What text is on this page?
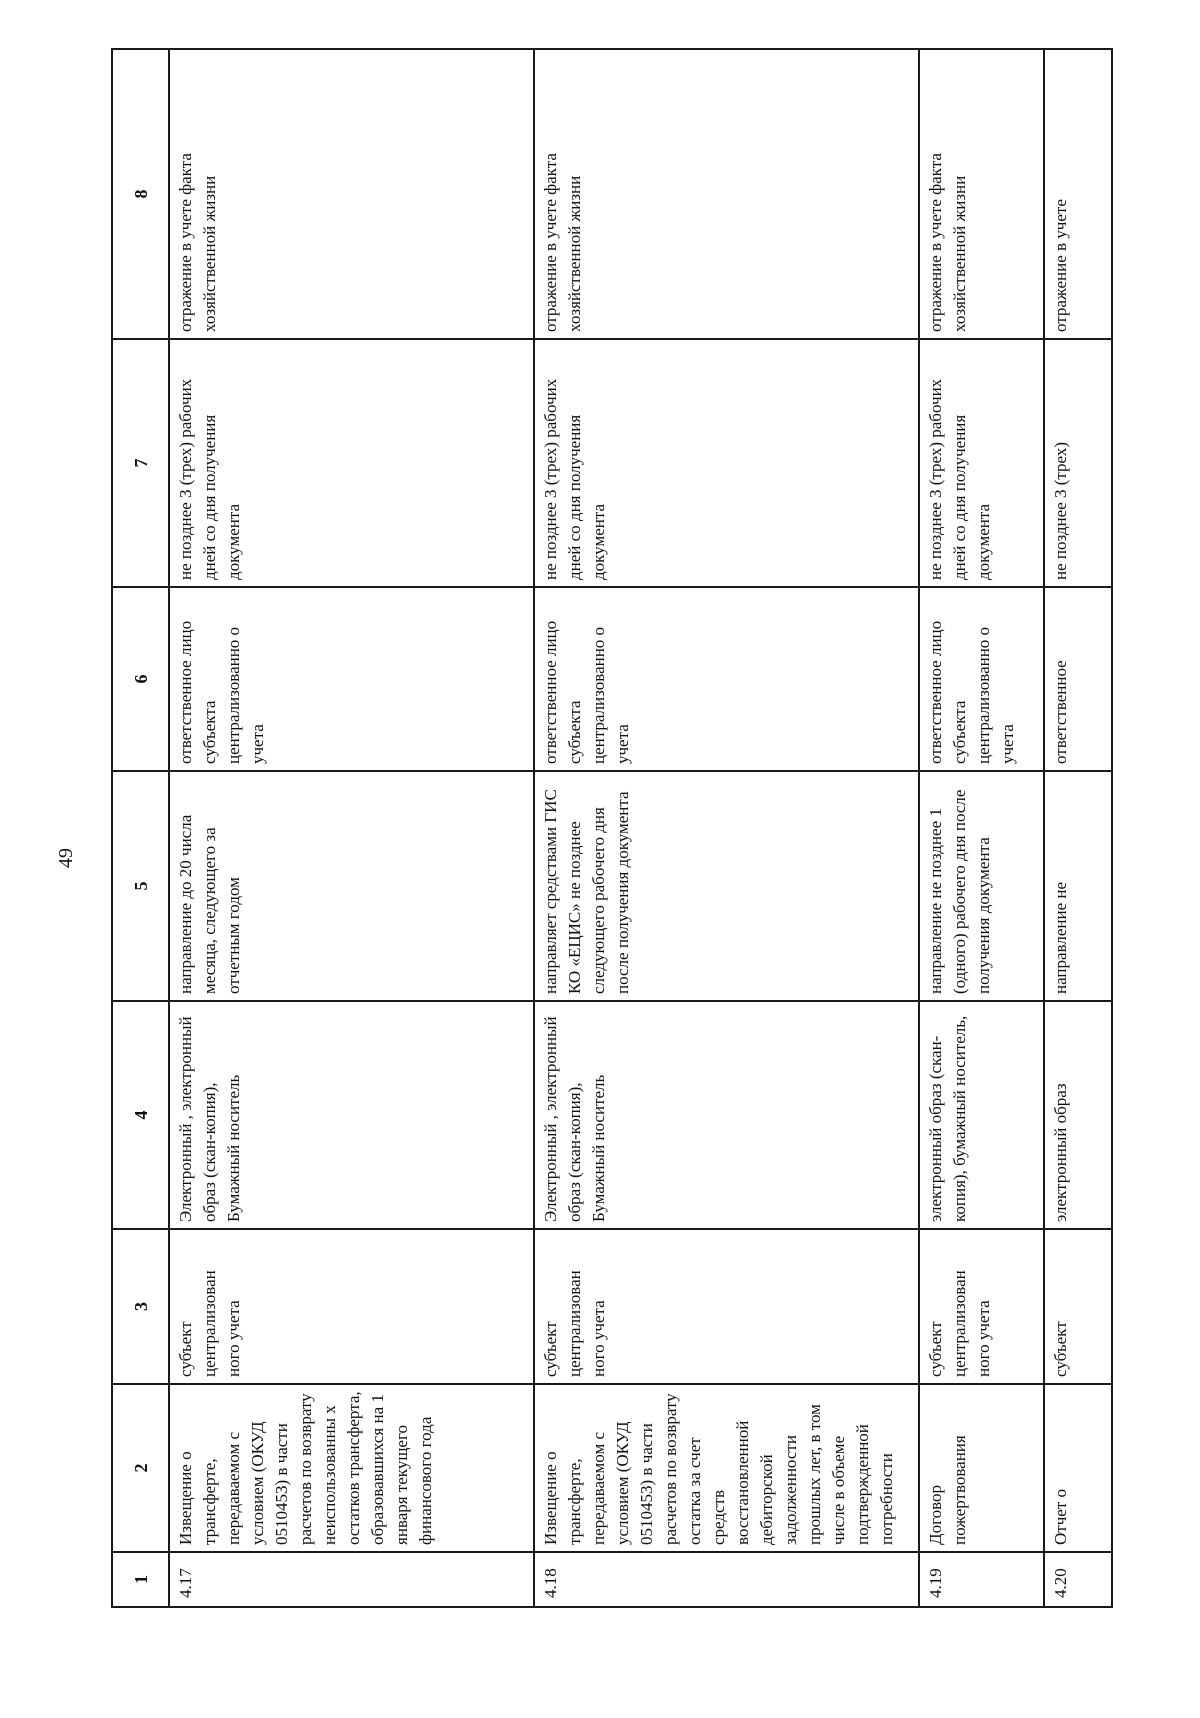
49
1	2	3	4	5	6	7	8
4.17	Извещение о трансферте, передаваемом с условием (ОКУД 0510453) в части расчетов по возврату неиспользованны х остатков трансферта, образовавшихся на 1 января текущего финансового года	субъект централизован ного учета	Электронный , электронный образ (скан-копия), Бумажный носитель	направление до 20 числа месяца, следующего за отчетным годом	ответственное лицо субъекта централизованно о учета	не позднее 3 (трех) рабочих дней со дня получения документа	отражение в учете факта хозяйственной жизни
4.18	Извещение о трансферте, передаваемом с условием (ОКУД 0510453) в части расчетов по возврату остатка за счет средств восстановленной дебиторской задолженности прошлых лет, в том числе в объеме подтвержденной потребности	субъект централизован ного учета	Электронный , электронный образ (скан-копия), Бумажный носитель	направляет средствами ГИС КО «ЕЦИС» не позднее следующего рабочего дня после получения документа	ответственное лицо субъекта централизованно о учета	не позднее 3 (трех) рабочих дней со дня получения документа	отражение в учете факта хозяйственной жизни
4.19	Договор пожертвования	субъект централизован ного учета	электронный образ (скан-копия), бумажный носитель,	направление не позднее 1 (одного) рабочего дня после получения документа	ответственное лицо субъекта централизованно о учета	не позднее 3 (трех) рабочих дней со дня получения документа	отражение в учете факта хозяйственной жизни
4.20	Отчет о	субъект	электронный образ	направление не	ответственное	не позднее 3 (трех)	отражение в учете
